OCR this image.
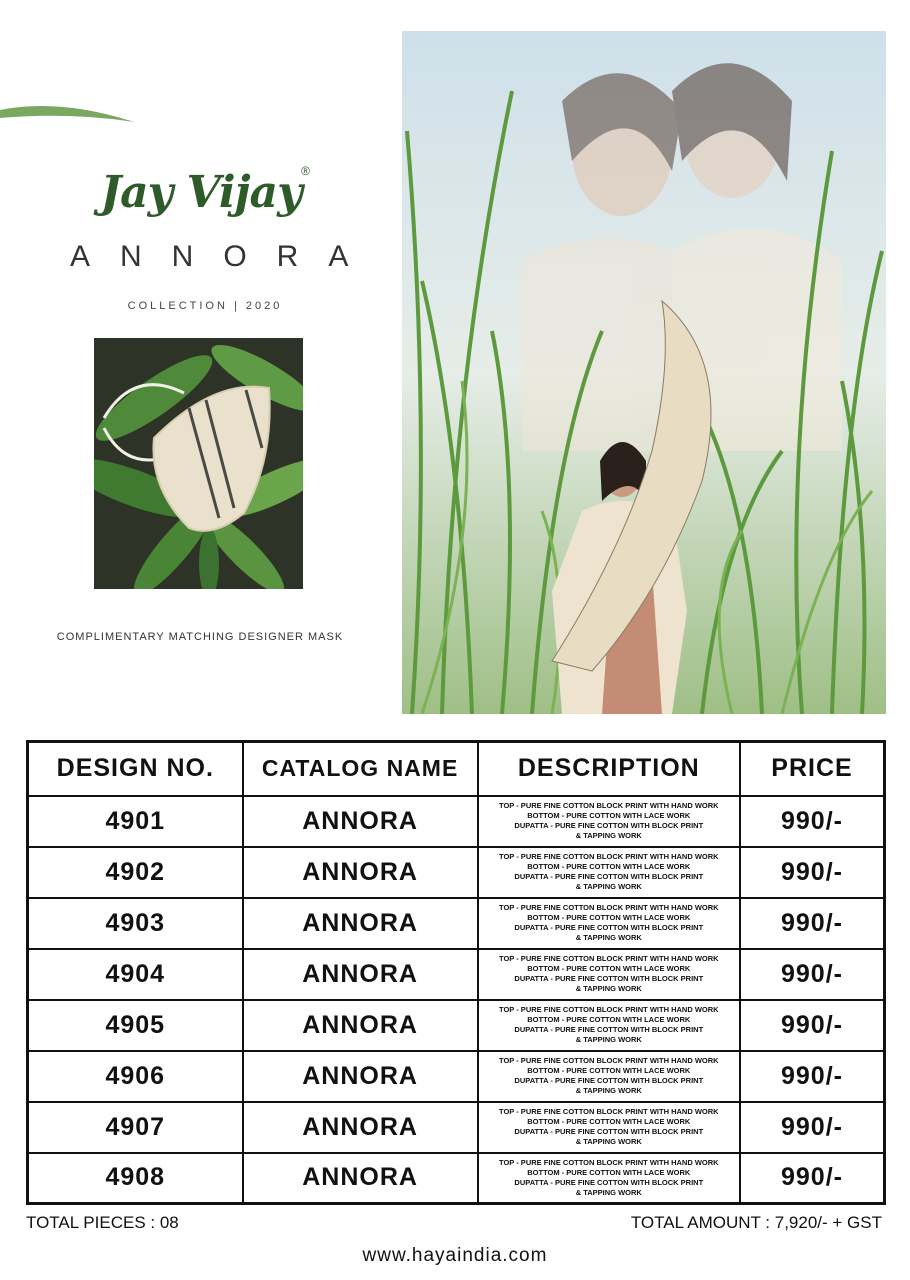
Jay Vijay ®
ANNORA
COLLECTION | 2020
COMPLIMENTARY MATCHING DESIGNER MASK
DESIGN NO.	CATALOG NAME	DESCRIPTION	PRICE
4901	ANNORA	TOP - PURE FINE COTTON BLOCK PRINT WITH HAND WORK
BOTTOM - PURE COTTON WITH LACE WORK
DUPATTA - PURE FINE COTTON WITH BLOCK PRINT
& TAPPING WORK	990/-
4902	ANNORA	TOP - PURE FINE COTTON BLOCK PRINT WITH HAND WORK
BOTTOM - PURE COTTON WITH LACE WORK
DUPATTA - PURE FINE COTTON WITH BLOCK PRINT
& TAPPING WORK	990/-
4903	ANNORA	TOP - PURE FINE COTTON BLOCK PRINT WITH HAND WORK
BOTTOM - PURE COTTON WITH LACE WORK
DUPATTA - PURE FINE COTTON WITH BLOCK PRINT
& TAPPING WORK	990/-
4904	ANNORA	TOP - PURE FINE COTTON BLOCK PRINT WITH HAND WORK
BOTTOM - PURE COTTON WITH LACE WORK
DUPATTA - PURE FINE COTTON WITH BLOCK PRINT
& TAPPING WORK	990/-
4905	ANNORA	TOP - PURE FINE COTTON BLOCK PRINT WITH HAND WORK
BOTTOM - PURE COTTON WITH LACE WORK
DUPATTA - PURE FINE COTTON WITH BLOCK PRINT
& TAPPING WORK	990/-
4906	ANNORA	TOP - PURE FINE COTTON BLOCK PRINT WITH HAND WORK
BOTTOM - PURE COTTON WITH LACE WORK
DUPATTA - PURE FINE COTTON WITH BLOCK PRINT
& TAPPING WORK	990/-
4907	ANNORA	TOP - PURE FINE COTTON BLOCK PRINT WITH HAND WORK
BOTTOM - PURE COTTON WITH LACE WORK
DUPATTA - PURE FINE COTTON WITH BLOCK PRINT
& TAPPING WORK	990/-
4908	ANNORA	TOP - PURE FINE COTTON BLOCK PRINT WITH HAND WORK
BOTTOM - PURE COTTON WITH LACE WORK
DUPATTA - PURE FINE COTTON WITH BLOCK PRINT
& TAPPING WORK	990/-
TOTAL PIECES : 08	TOTAL AMOUNT : 7,920/- + GST
www.hayaindia.com
